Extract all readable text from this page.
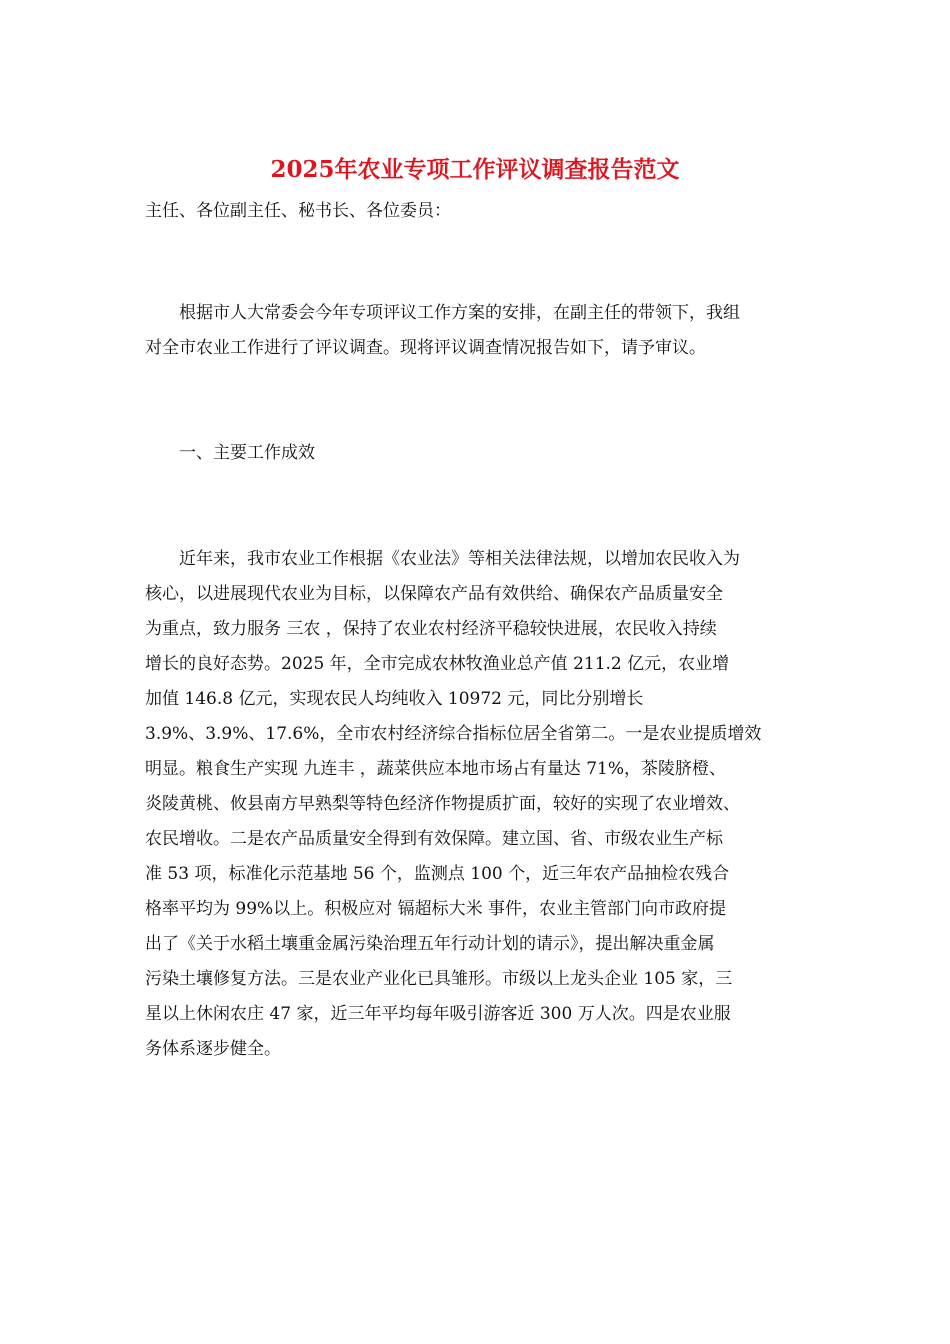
2025年农业专项工作评议调查报告范文
主任、各位副主任、秘书长、各位委员：
　　根据市人大常委会今年专项评议工作方案的安排，在副主任的带领下，我组
对全市农业工作进行了评议调查。现将评议调查情况报告如下，请予审议。
　　一、主要工作成效
　　近年来，我市农业工作根据《农业法》等相关法律法规，以增加农民收入为
核心，以进展现代农业为目标，以保障农产品有效供给、确保农产品质量安全
为重点，致力服务 三农 ，保持了农业农村经济平稳较快进展，农民收入持续
增长的良好态势。2025 年，全市完成农林牧渔业总产值 211.2 亿元，农业增
加值 146.8 亿元，实现农民人均纯收入 10972 元，同比分别增长
3.9%、3.9%、17.6%，全市农村经济综合指标位居全省第二。一是农业提质增效
明显。粮食生产实现 九连丰 ，蔬菜供应本地市场占有量达 71%，茶陵脐橙、
炎陵黄桃、攸县南方早熟梨等特色经济作物提质扩面，较好的实现了农业增效、
农民增收。二是农产品质量安全得到有效保障。建立国、省、市级农业生产标
准 53 项，标准化示范基地 56 个，监测点 100 个，近三年农产品抽检农残合
格率平均为 99%以上。积极应对 镉超标大米 事件，农业主管部门向市政府提
出了《关于水稻土壤重金属污染治理五年行动计划的请示》，提出解决重金属
污染土壤修复方法。三是农业产业化已具雏形。市级以上龙头企业 105 家，三
星以上休闲农庄 47 家，近三年平均每年吸引游客近 300 万人次。四是农业服
务体系逐步健全。
